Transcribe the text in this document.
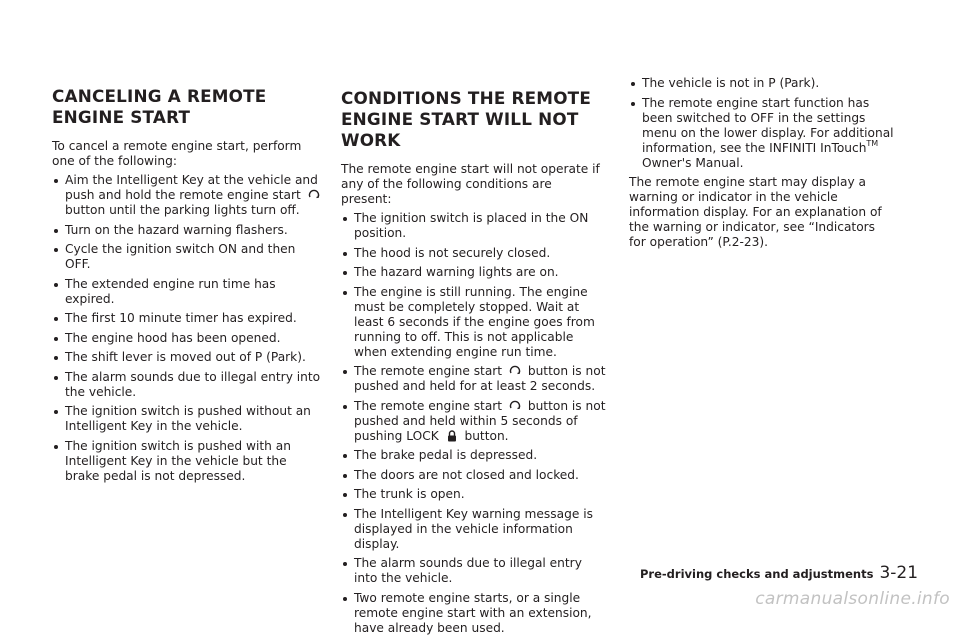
CANCELING A REMOTE ENGINE START

To cancel a remote engine start, perform one of the following:

Aim the Intelligent Key at the vehicle and push and hold the remote engine start  button until the parking lights turn off.
Turn on the hazard warning flashers.
Cycle the ignition switch ON and then OFF.
The extended engine run time has expired.
The first 10 minute timer has expired.
The engine hood has been opened.
The shift lever is moved out of P (Park).
The alarm sounds due to illegal entry into the vehicle.
The ignition switch is pushed without an Intelligent Key in the vehicle.
The ignition switch is pushed with an Intelligent Key in the vehicle but the brake pedal is not depressed.
CONDITIONS THE REMOTE ENGINE START WILL NOT WORK

The remote engine start will not operate if any of the following conditions are present:

The ignition switch is placed in the ON position.
The hood is not securely closed.
The hazard warning lights are on.
The engine is still running. The engine must be completely stopped. Wait at least 6 seconds if the engine goes from running to off. This is not applicable when extending engine run time.
The remote engine start button is not pushed and held for at least 2 seconds.
The remote engine start button is not pushed and held within 5 seconds of pushing LOCK button.
The brake pedal is depressed.
The doors are not closed and locked.
The trunk is open.
The Intelligent Key warning message is displayed in the vehicle information display.
The alarm sounds due to illegal entry into the vehicle.
Two remote engine starts, or a single remote engine start with an extension, have already been used.
The vehicle is not in P (Park).
The remote engine start function has been switched to OFF in the settings menu on the lower display. For additional information, see the INFINITI InTouch™ Owner's Manual.

The remote engine start may display a warning or indicator in the vehicle information display. For an explanation of the warning or indicator, see “Indicators for operation” (P.2-23).

Pre-driving checks and adjustments 3-21
carmanualsonline.info
